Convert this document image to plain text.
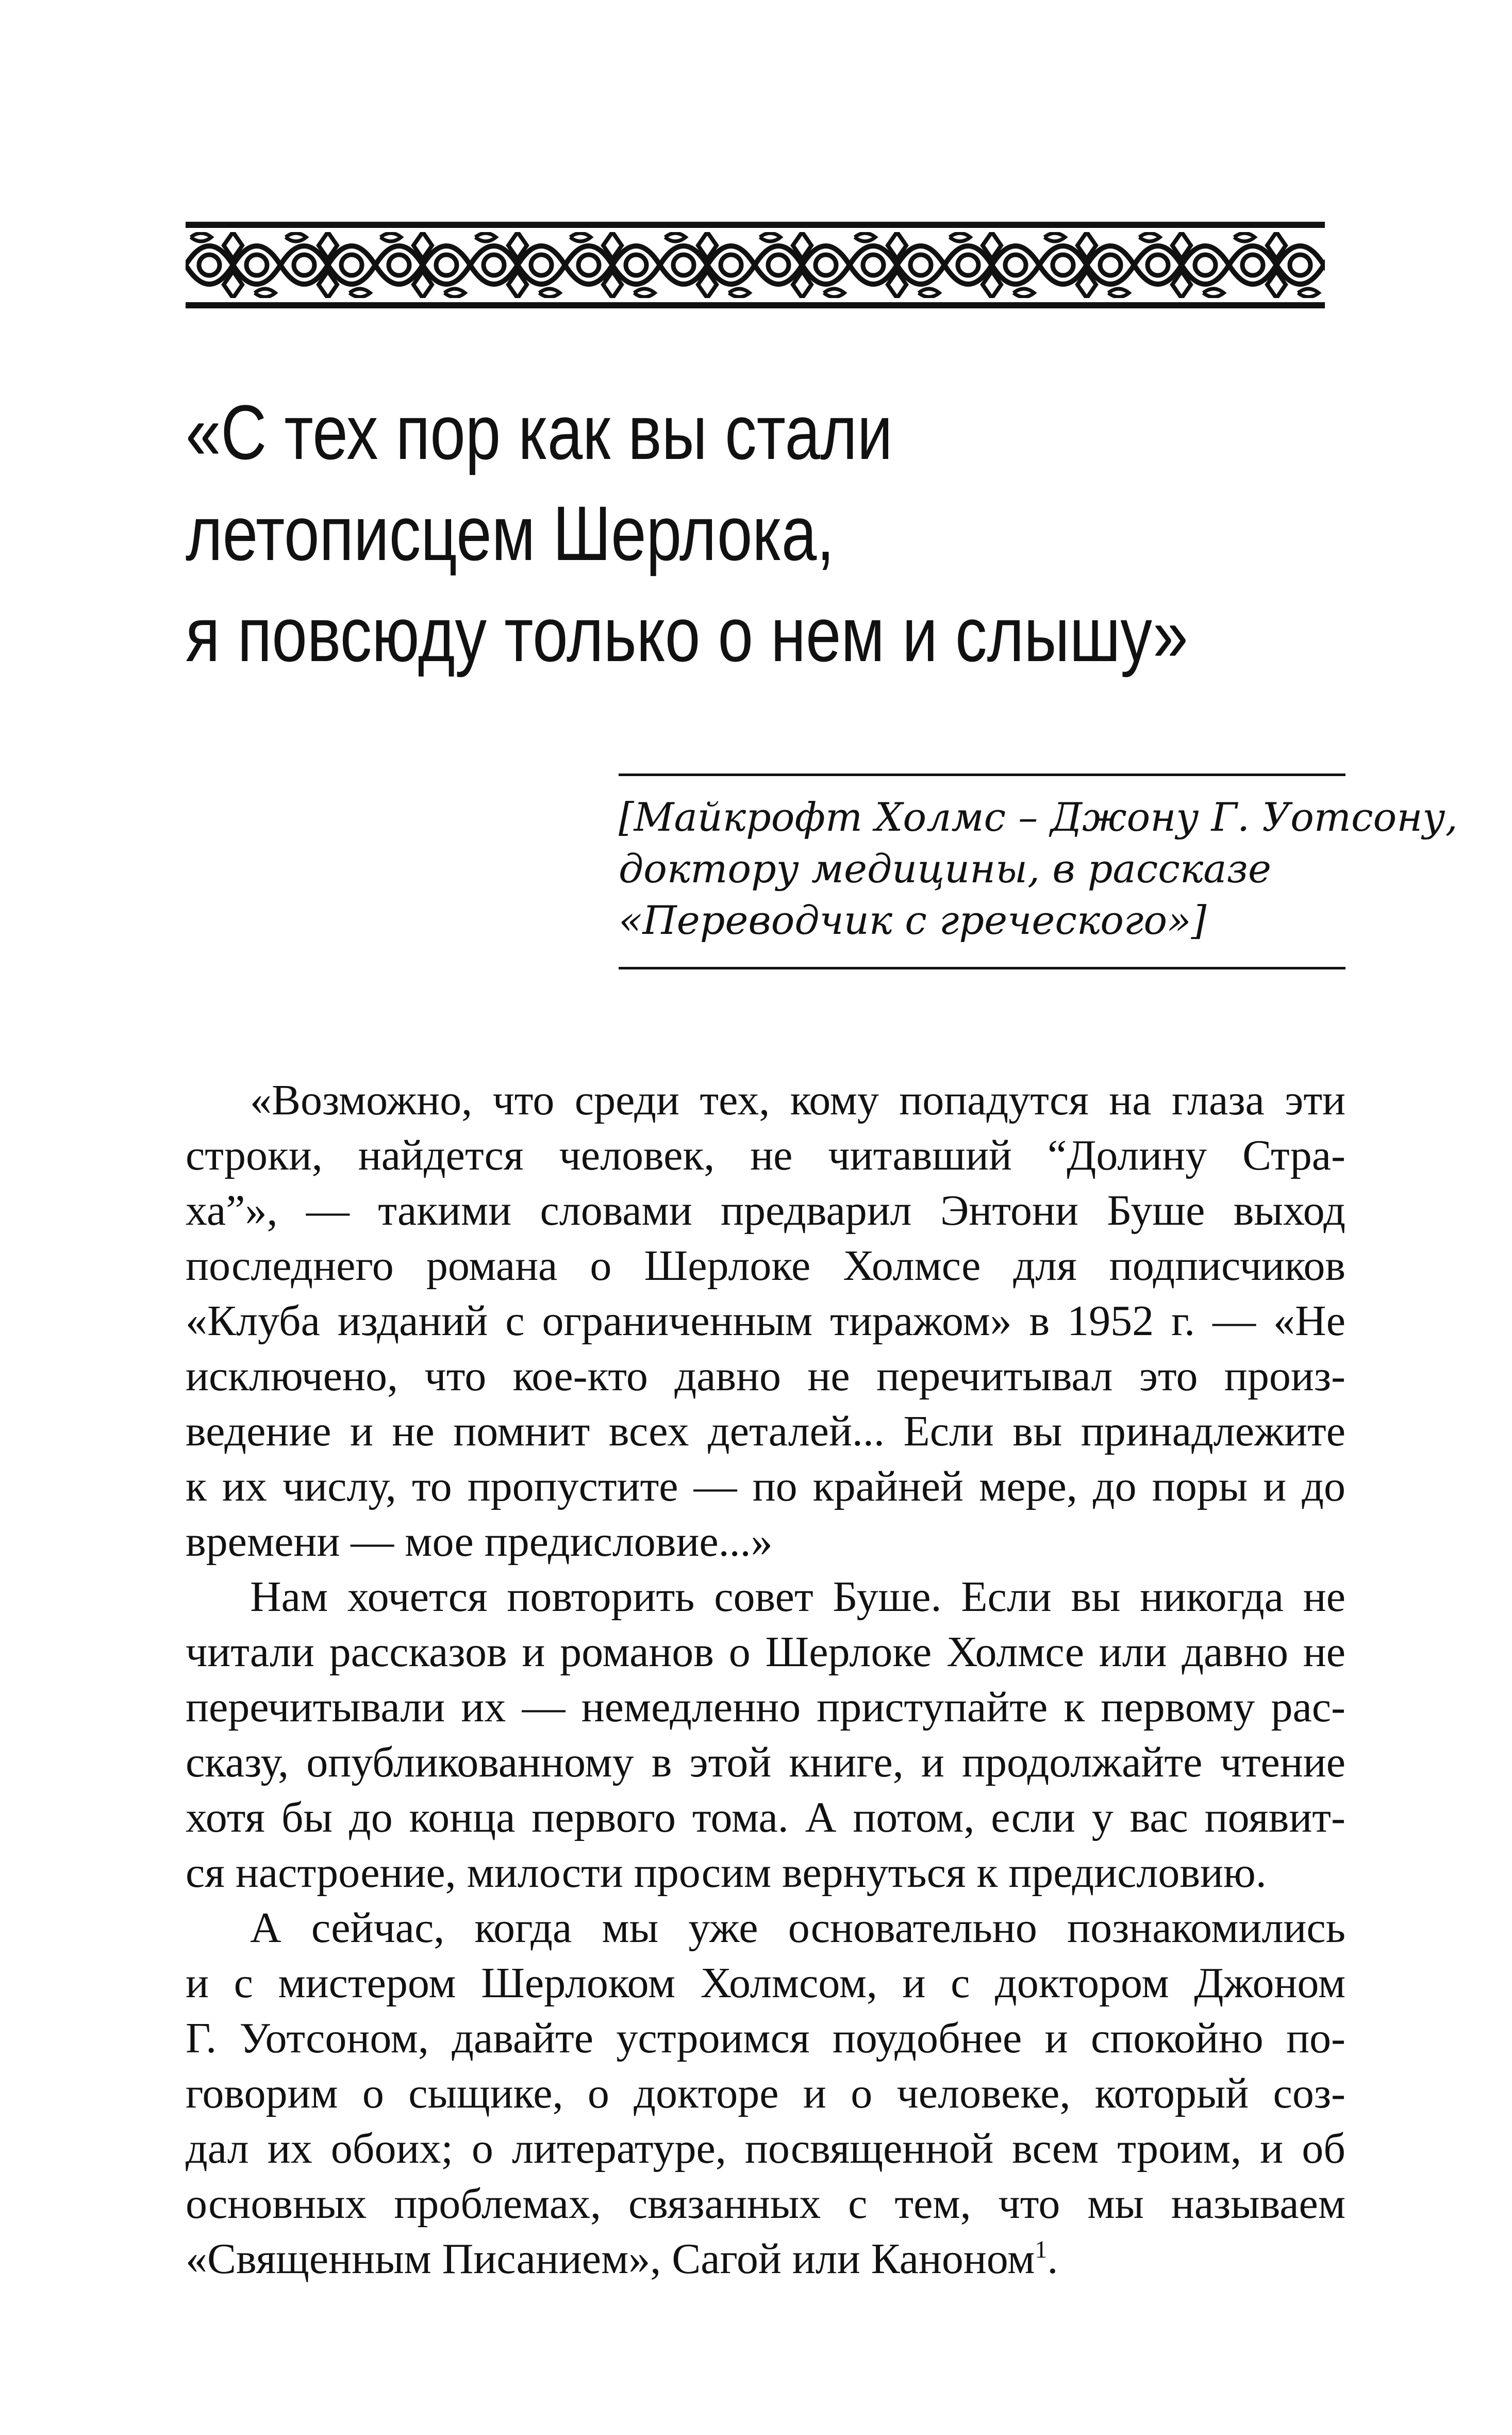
«С тех пор как вы стали
летописцем Шерлока,
я повсюду только о нем и слышу»

[Майкрофт Холмс – Джону Г. Уотсону,
доктору медицины, в рассказе
«Переводчик с греческого»]

«Возможно, что среди тех, кому попадутся на глаза эти
строки, найдется человек, не читавший “Долину Стра-
ха”», — такими словами предварил Энтони Буше выход
последнего романа о Шерлоке Холмсе для подписчиков
«Клуба изданий с ограниченным тиражом» в 1952 г. — «Не
исключено, что кое-кто давно не перечитывал это произ-
ведение и не помнит всех деталей... Если вы принадлежите
к их числу, то пропустите — по крайней мере, до поры и до
времени — мое предисловие...»
Нам хочется повторить совет Буше. Если вы никогда не
читали рассказов и романов о Шерлоке Холмсе или давно не
перечитывали их — немедленно приступайте к первому рас-
сказу, опубликованному в этой книге, и продолжайте чтение
хотя бы до конца первого тома. А потом, если у вас появит-
ся настроение, милости просим вернуться к предисловию.
А сейчас, когда мы уже основательно познакомились
и с мистером Шерлоком Холмсом, и с доктором Джоном
Г. Уотсоном, давайте устроимся поудобнее и спокойно по-
говорим о сыщике, о докторе и о человеке, который соз-
дал их обоих; о литературе, посвященной всем троим, и об
основных проблемах, связанных с тем, что мы называем
«Священным Писанием», Сагой или Каноном$^1$.
